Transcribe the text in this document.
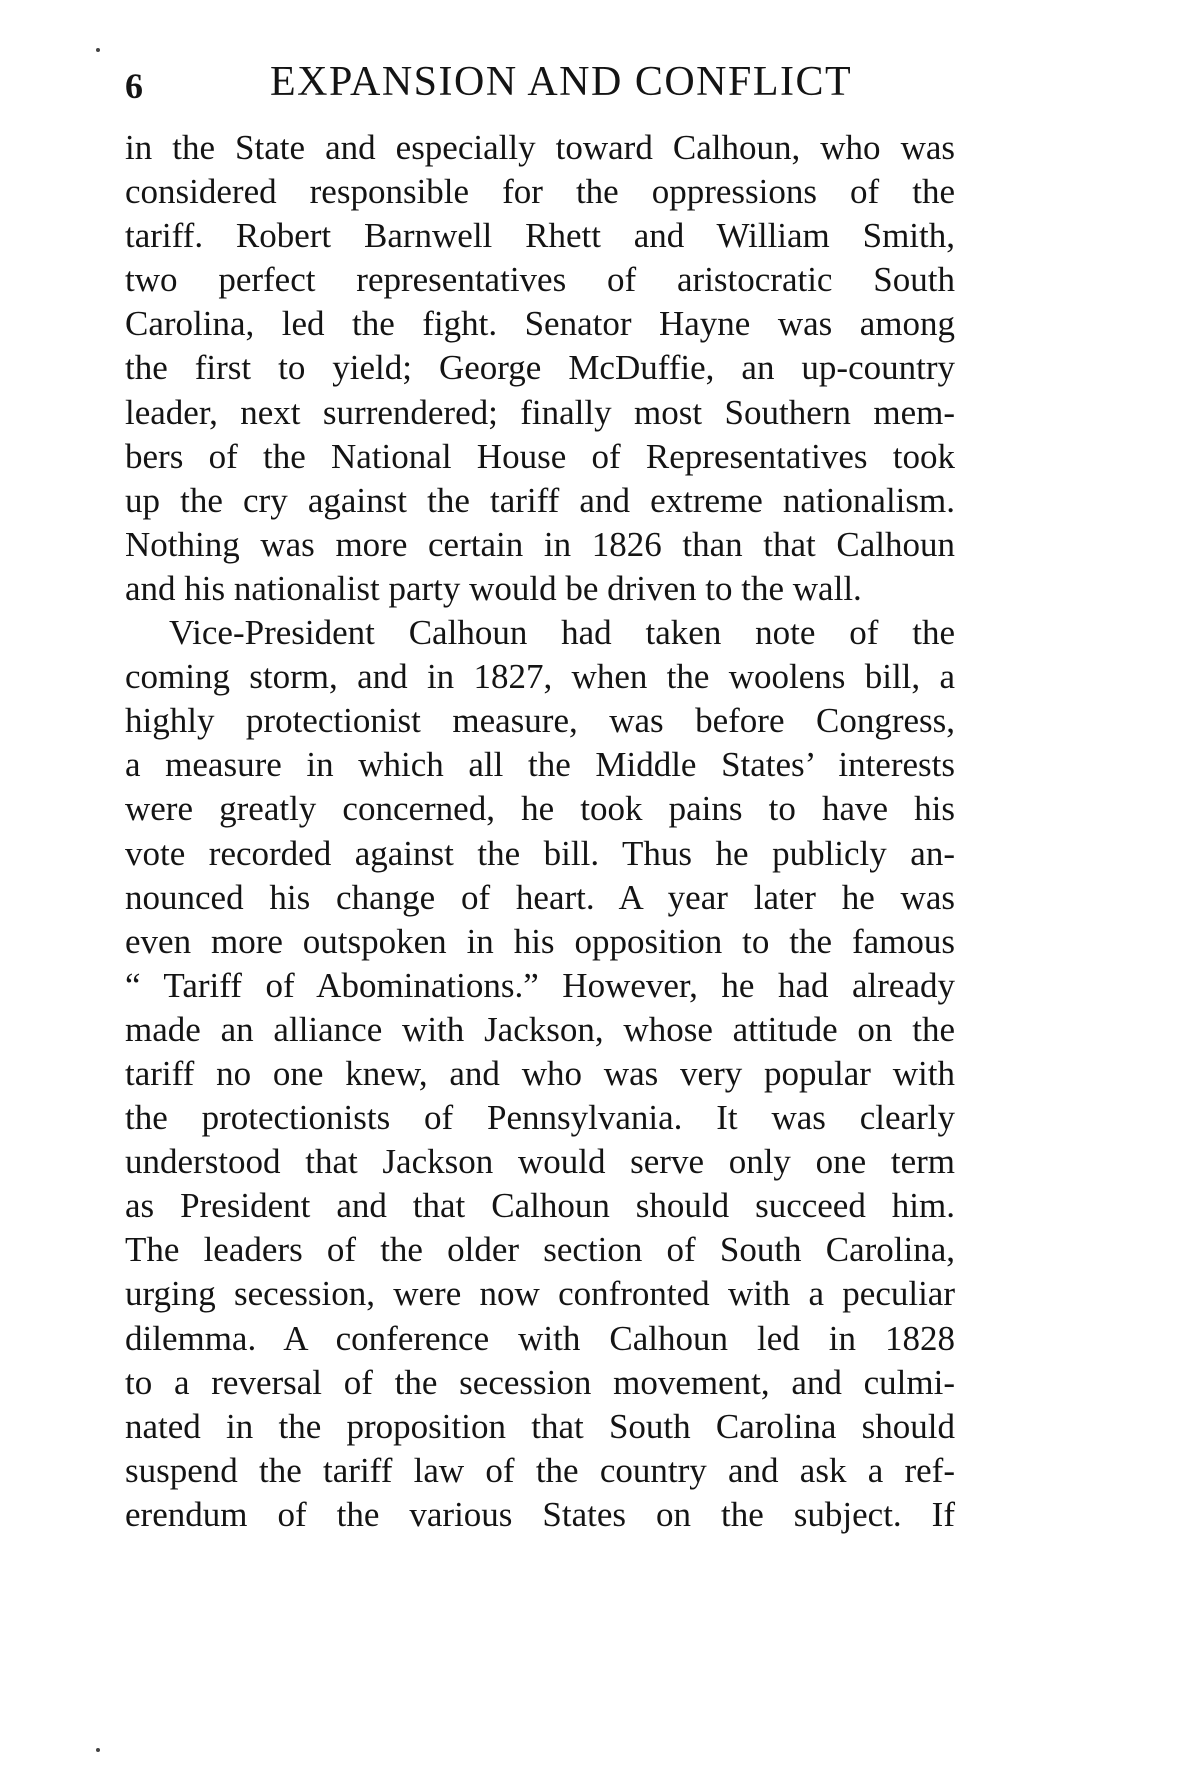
6	EXPANSION AND CONFLICT
in the State and especially toward Calhoun, who was
considered responsible for the oppressions of the
tariff. Robert Barnwell Rhett and William Smith,
two perfect representatives of aristocratic South
Carolina, led the fight. Senator Hayne was among
the first to yield; George McDuffie, an up-country
leader, next surrendered; finally most Southern mem-
bers of the National House of Representatives took
up the cry against the tariff and extreme nationalism.
Nothing was more certain in 1826 than that Calhoun
and his nationalist party would be driven to the wall.
Vice-President Calhoun had taken note of the
coming storm, and in 1827, when the woolens bill, a
highly protectionist measure, was before Congress,
a measure in which all the Middle States’ interests
were greatly concerned, he took pains to have his
vote recorded against the bill. Thus he publicly an-
nounced his change of heart. A year later he was
even more outspoken in his opposition to the famous
“ Tariff of Abominations.” However, he had already
made an alliance with Jackson, whose attitude on the
tariff no one knew, and who was very popular with
the protectionists of Pennsylvania. It was clearly
understood that Jackson would serve only one term
as President and that Calhoun should succeed him.
The leaders of the older section of South Carolina,
urging secession, were now confronted with a peculiar
dilemma. A conference with Calhoun led in 1828
to a reversal of the secession movement, and culmi-
nated in the proposition that South Carolina should
suspend the tariff law of the country and ask a ref-
erendum of the various States on the subject. If
